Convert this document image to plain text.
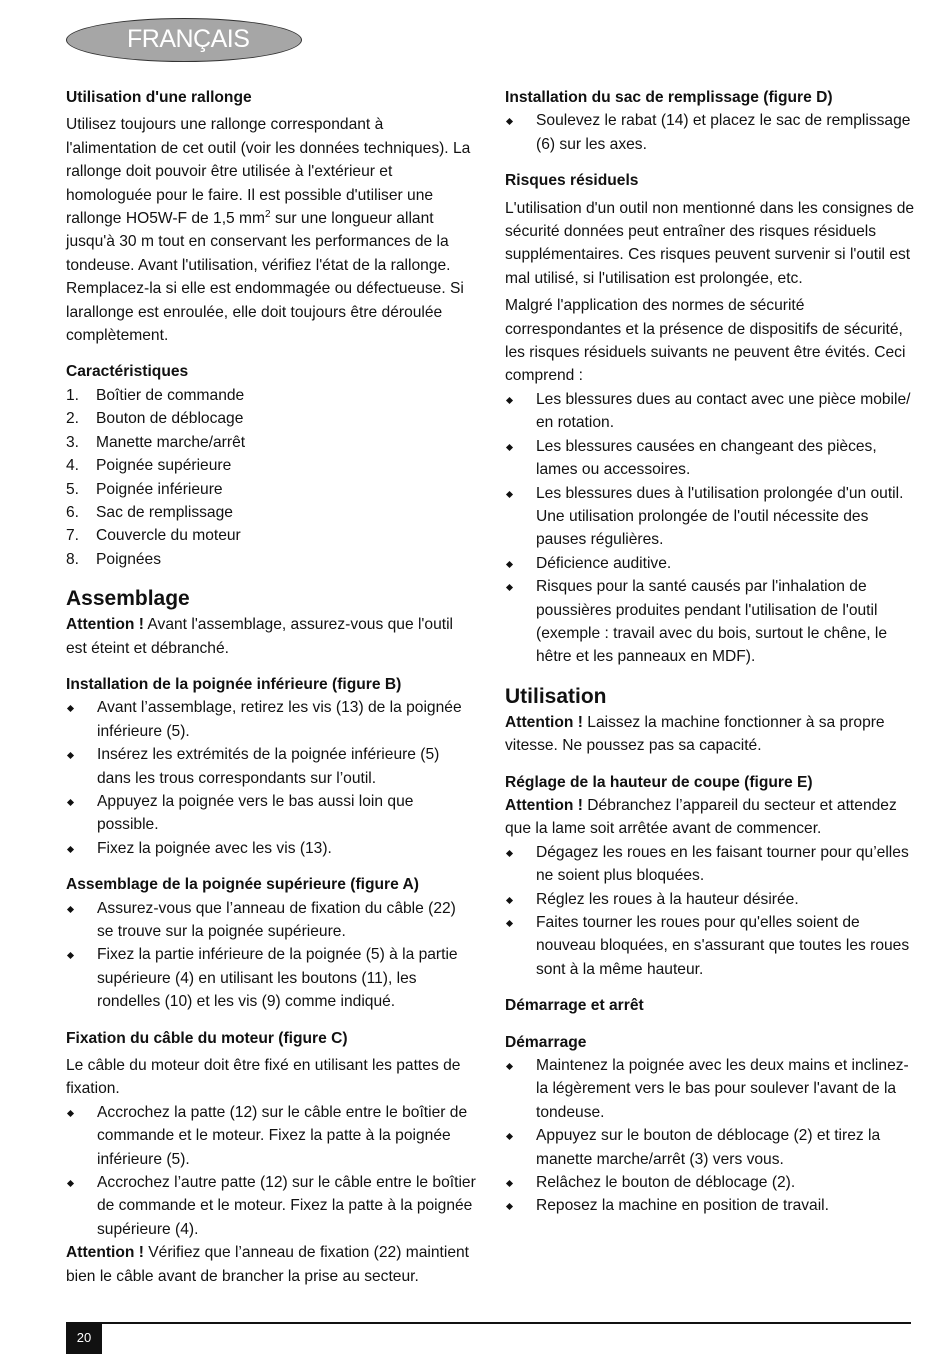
FRANÇAIS
Utilisation d'une rallonge

Utilisez toujours une rallonge correspondant à l'alimentation de cet outil (voir les données techniques). La rallonge doit pouvoir être utilisée à l'extérieur et homologuée pour le faire. Il est possible d'utiliser une rallonge HO5W-F de 1,5 $mm^2$ sur une longueur allant jusqu'à 30 m tout en conservant les performances de la tondeuse. Avant l'utilisation, vérifiez l'état de la rallonge. Remplacez-la si elle est endommagée ou défectueuse. Si larallonge est enroulée, elle doit toujours être déroulée complètement.

Caractéristiques
1.	Boîtier de commande
2.	Bouton de déblocage
3.	Manette marche/arrêt
4.	Poignée supérieure
5.	Poignée inférieure
6.	Sac de remplissage
7.	Couvercle du moteur
8.	Poignées
Assemblage

Attention ! Avant l'assemblage, assurez-vous que l'outil est éteint et débranché.

Installation de la poignée inférieure (figure B)
Avant l’assemblage, retirez les vis (13) de la poignée inférieure (5).
Insérez les extrémités de la poignée inférieure (5) dans les trous correspondants sur l’outil.
Appuyez la poignée vers le bas aussi loin que possible.
Fixez la poignée avec les vis (13).
Assemblage de la poignée supérieure (figure A)
Assurez-vous que l’anneau de fixation du câble (22) se trouve sur la poignée supérieure.
Fixez la partie inférieure de la poignée (5) à la partie supérieure (4) en utilisant les boutons (11), les rondelles (10) et les vis (9) comme indiqué.
Fixation du câble du moteur (figure C)

Le câble du moteur doit être fixé en utilisant les pattes de fixation.

Accrochez la patte (12) sur le câble entre le boîtier de commande et le moteur. Fixez la patte à la poignée inférieure (5).
Accrochez l’autre patte (12) sur le câble entre le boîtier de commande et le moteur. Fixez la patte à la poignée supérieure (4).

Attention ! Vérifiez que l’anneau de fixation (22) maintient bien le câble avant de brancher la prise au secteur.

Installation du sac de remplissage (figure D)
Soulevez le rabat (14) et placez le sac de remplissage (6) sur les axes.
Risques résiduels

L'utilisation d'un outil non mentionné dans les consignes de sécurité données peut entraîner des risques résiduels supplémentaires. Ces risques peuvent survenir si l'outil est mal utilisé, si l'utilisation est prolongée, etc.

Malgré l'application des normes de sécurité correspondantes et la présence de dispositifs de sécurité, les risques résiduels suivants ne peuvent être évités. Ceci comprend :

Les blessures dues au contact avec une pièce mobile/ en rotation.
Les blessures causées en changeant des pièces, lames ou accessoires.
Les blessures dues à l'utilisation prolongée d'un outil. Une utilisation prolongée de l'outil nécessite des pauses régulières.
Déficience auditive.
Risques pour la santé causés par l'inhalation de poussières produites pendant l'utilisation de l'outil (exemple : travail avec du bois, surtout le chêne, le hêtre et les panneaux en MDF).
Utilisation

Attention ! Laissez la machine fonctionner à sa propre vitesse. Ne poussez pas sa capacité.

Réglage de la hauteur de coupe (figure E)

Attention ! Débranchez l’appareil du secteur et attendez que la lame soit arrêtée avant de commencer.

Dégagez les roues en les faisant tourner pour qu’elles ne soient plus bloquées.
Réglez les roues à la hauteur désirée.
Faites tourner les roues pour qu'elles soient de nouveau bloquées, en s'assurant que toutes les roues sont à la même hauteur.
Démarrage et arrêt
Démarrage
Maintenez la poignée avec les deux mains et inclinez-la légèrement vers le bas pour soulever l'avant de la tondeuse.
Appuyez sur le bouton de déblocage (2) et tirez la manette marche/arrêt (3) vers vous.
Relâchez le bouton de déblocage (2).
Reposez la machine en position de travail.
20
